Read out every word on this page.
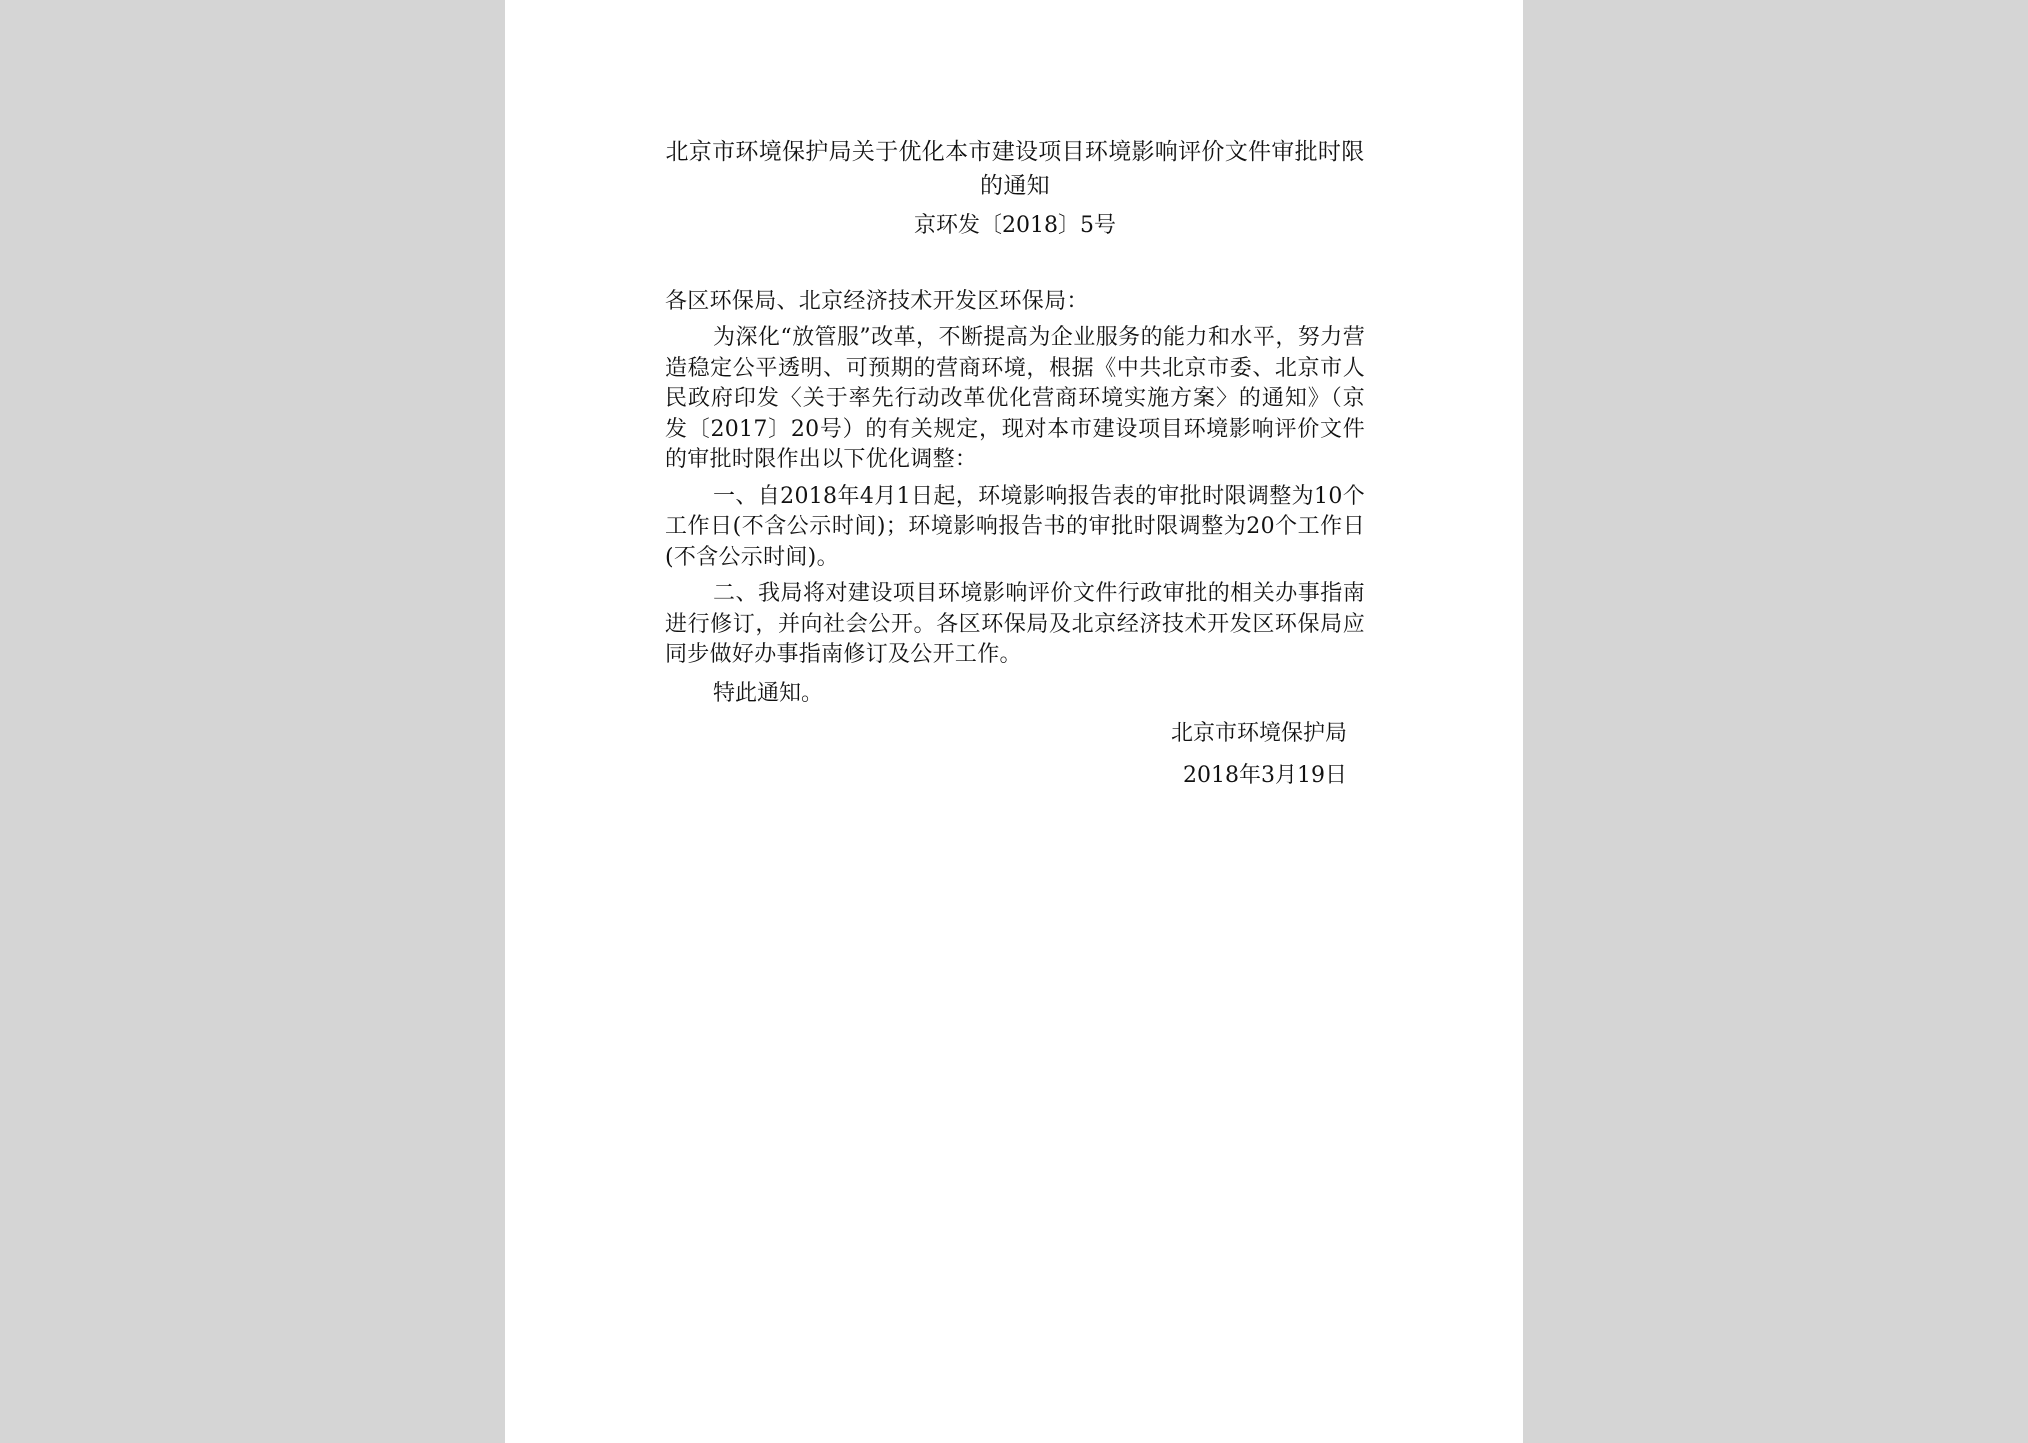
北京市环境保护局关于优化本市建设项目环境影响评价文件审批时限的通知

京环发〔2018〕5号

各区环保局、北京经济技术开发区环保局：

为深化“放管服”改革，不断提高为企业服务的能力和水平，努力营造稳定公平透明、可预期的营商环境，根据《中共北京市委、北京市人民政府印发〈关于率先行动改革优化营商环境实施方案〉的通知》（京发〔2017〕20号）的有关规定，现对本市建设项目环境影响评价文件的审批时限作出以下优化调整：

一、自2018年4月1日起，环境影响报告表的审批时限调整为10个工作日(不含公示时间)；环境影响报告书的审批时限调整为20个工作日(不含公示时间)。

二、我局将对建设项目环境影响评价文件行政审批的相关办事指南进行修订，并向社会公开。各区环保局及北京经济技术开发区环保局应同步做好办事指南修订及公开工作。

特此通知。

北京市环境保护局

2018年3月19日
